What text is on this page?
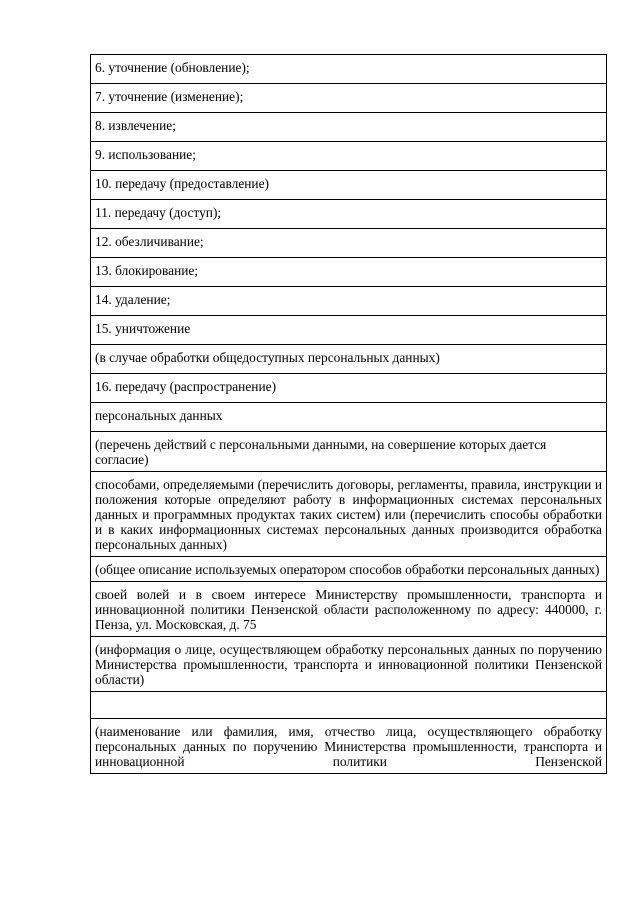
6. уточнение (обновление);
7. уточнение (изменение);
8. извлечение;
9. использование;
10. передачу (предоставление)
11. передачу (доступ);
12. обезличивание;
13. блокирование;
14. удаление;
15. уничтожение
(в случае обработки общедоступных персональных данных)
16. передачу (распространение)
персональных данных
(перечень действий с персональными данными, на совершение которых дается согласие)
способами, определяемыми (перечислить договоры, регламенты, правила, инструкции и положения которые определяют работу в информационных системах персональных данных и программных продуктах таких систем) или (перечислить способы обработки и в каких информационных системах персональных данных производится обработка персональных данных)
(общее описание используемых оператором способов обработки персональных данных)
своей волей и в своем интересе Министерству промышленности, транспорта и инновационной политики Пензенской области расположенному по адресу: 440000, г. Пенза, ул. Московская, д. 75
(информация о лице, осуществляющем обработку персональных данных по поручению Министерства промышленности, транспорта и инновационной политики Пензенской области)

(наименование или фамилия, имя, отчество лица, осуществляющего обработку персональных данных по поручению Министерства промышленности, транспорта и инновационной политики Пензенской
